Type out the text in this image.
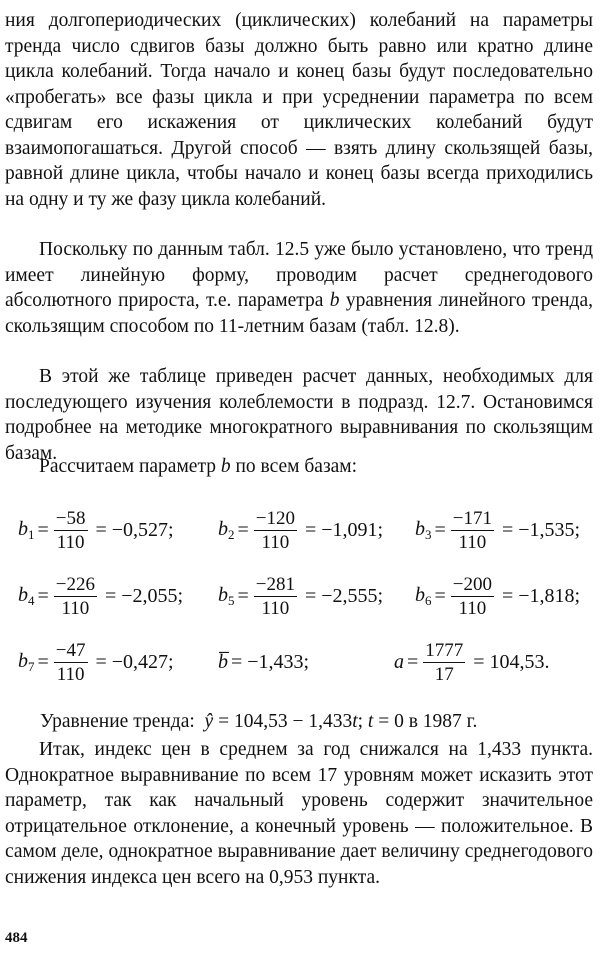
ния долгопериодических (циклических) колебаний на параметры тренда число сдвигов базы должно быть равно или кратно длине цикла колебаний. Тогда начало и конец базы будут последовательно «пробегать» все фазы цикла и при усреднении параметра по всем сдвигам его искажения от циклических колебаний будут взаимопогашаться. Другой способ — взять длину скользящей базы, равной длине цикла, чтобы начало и конец базы всегда приходились на одну и ту же фазу цикла колебаний.

Поскольку по данным табл. 12.5 уже было установлено, что тренд имеет линейную форму, проводим расчет среднегодового абсолютного прироста, т.е. параметра b уравнения линейного тренда, скользящим способом по 11-летним базам (табл. 12.8).

В этой же таблице приведен расчет данных, необходимых для последующего изучения колеблемости в подразд. 12.7. Остановимся подробнее на методике многократного выравнивания по скользящим базам.

Рассчитаем параметр b по всем базам:

$b_1 = \frac{-58}{110} = -0,527$; $b_2 = \frac{-120}{110} = -1,091$; $b_3 = \frac{-171}{110} = -1,535$;
$b_4 = \frac{-226}{110} = -2,055$; $b_5 = \frac{-281}{110} = -2,555$; $b_6 = \frac{-200}{110} = -1,818$;
$b_7 = \frac{-47}{110} = -0,427$; b̅ = −1,433;	$a = \frac{1777}{17} = 104,53$.
Уравнение тренда: ŷ = 104,53 − 1,433t; t = 0 в 1987 г.

Итак, индекс цен в среднем за год снижался на 1,433 пункта. Однократное выравнивание по всем 17 уровням может исказить этот параметр, так как начальный уровень содержит значительное отрицательное отклонение, а конечный уровень — положительное. В самом деле, однократное выравнивание дает величину среднегодового снижения индекса цен всего на 0,953 пункта.

484
